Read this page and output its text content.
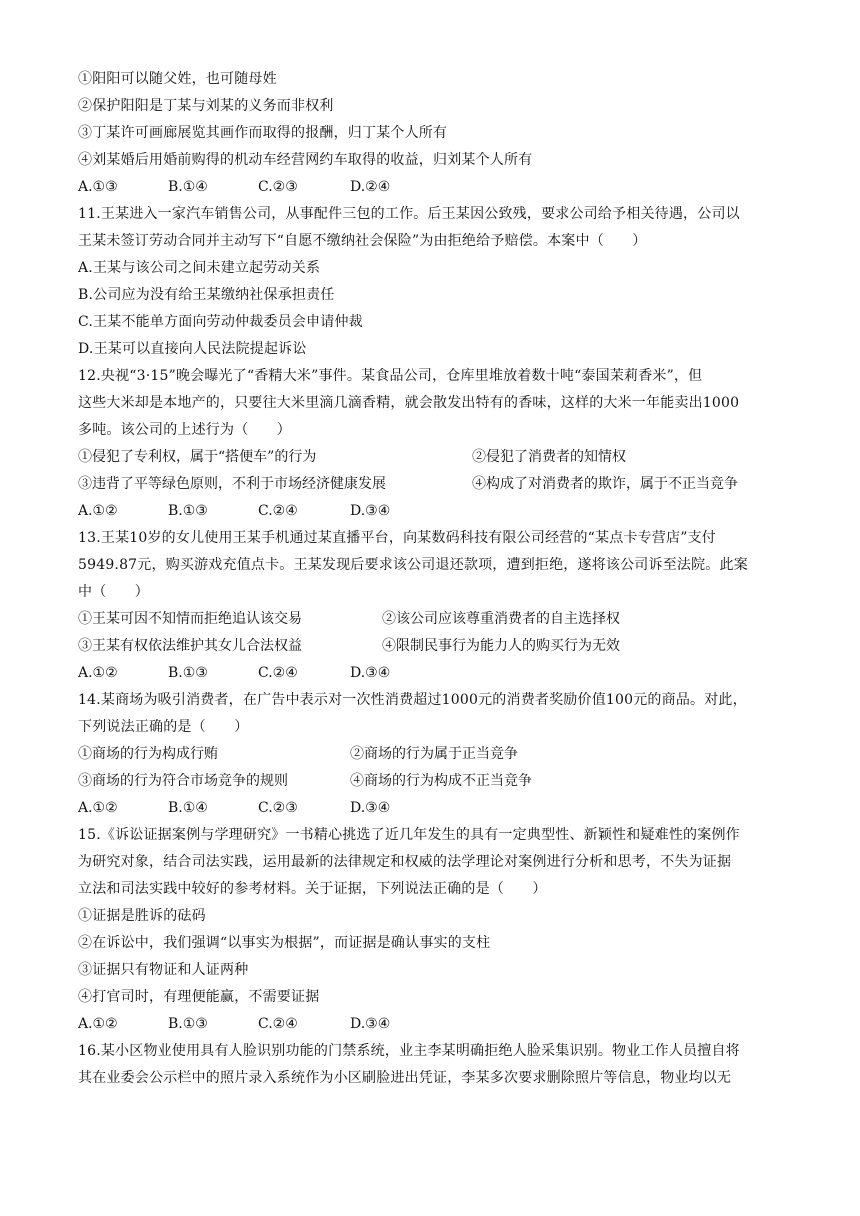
①阳阳可以随父姓，也可随母姓
②保护阳阳是丁某与刘某的义务而非权利
③丁某许可画廊展览其画作而取得的报酬，归丁某个人所有
④刘某婚后用婚前购得的机动车经营网约车取得的收益，归刘某个人所有
A.①③	B.①④	C.②③	D.②④
11.王某进入一家汽车销售公司，从事配件三包的工作。后王某因公致残，要求公司给予相关待遇，公司以
王某未签订劳动合同并主动写下“自愿不缴纳社会保险”为由拒绝给予赔偿。本案中（　　）
A.王某与该公司之间未建立起劳动关系
B.公司应为没有给王某缴纳社保承担责任
C.王某不能单方面向劳动仲裁委员会申请仲裁
D.王某可以直接向人民法院提起诉讼
12.央视“3·15”晚会曝光了“香精大米”事件。某食品公司，仓库里堆放着数十吨“泰国茉莉香米”，但
这些大米却是本地产的，只要往大米里滴几滴香精，就会散发出特有的香味，这样的大米一年能卖出1000
多吨。该公司的上述行为（　　）
①侵犯了专利权，属于“搭便车”的行为	②侵犯了消费者的知情权
③违背了平等绿色原则，不利于市场经济健康发展	④构成了对消费者的欺诈，属于不正当竞争
A.①②	B.①③	C.②④	D.③④
13.王某10岁的女儿使用王某手机通过某直播平台，向某数码科技有限公司经营的“某点卡专营店”支付
5949.87元，购买游戏充值点卡。王某发现后要求该公司退还款项，遭到拒绝，遂将该公司诉至法院。此案
中（　　）
①王某可因不知情而拒绝追认该交易	②该公司应该尊重消费者的自主选择权
③王某有权依法维护其女儿合法权益	④限制民事行为能力人的购买行为无效
A.①②	B.①③	C.②④	D.③④
14.某商场为吸引消费者，在广告中表示对一次性消费超过1000元的消费者奖励价值100元的商品。对此，
下列说法正确的是（　　）
①商场的行为构成行贿	②商场的行为属于正当竞争
③商场的行为符合市场竞争的规则	④商场的行为构成不正当竞争
A.①②	B.①④	C.②③	D.③④
15.《诉讼证据案例与学理研究》一书精心挑选了近几年发生的具有一定典型性、新颖性和疑难性的案例作
为研究对象，结合司法实践，运用最新的法律规定和权威的法学理论对案例进行分析和思考，不失为证据
立法和司法实践中较好的参考材料。关于证据，下列说法正确的是（　　）
①证据是胜诉的砝码
②在诉讼中，我们强调“以事实为根据”，而证据是确认事实的支柱
③证据只有物证和人证两种
④打官司时，有理便能赢，不需要证据
A.①②	B.①③	C.②④	D.③④
16.某小区物业使用具有人脸识别功能的门禁系统，业主李某明确拒绝人脸采集识别。物业工作人员擅自将
其在业委会公示栏中的照片录入系统作为小区刷脸进出凭证，李某多次要求删除照片等信息，物业均以无
